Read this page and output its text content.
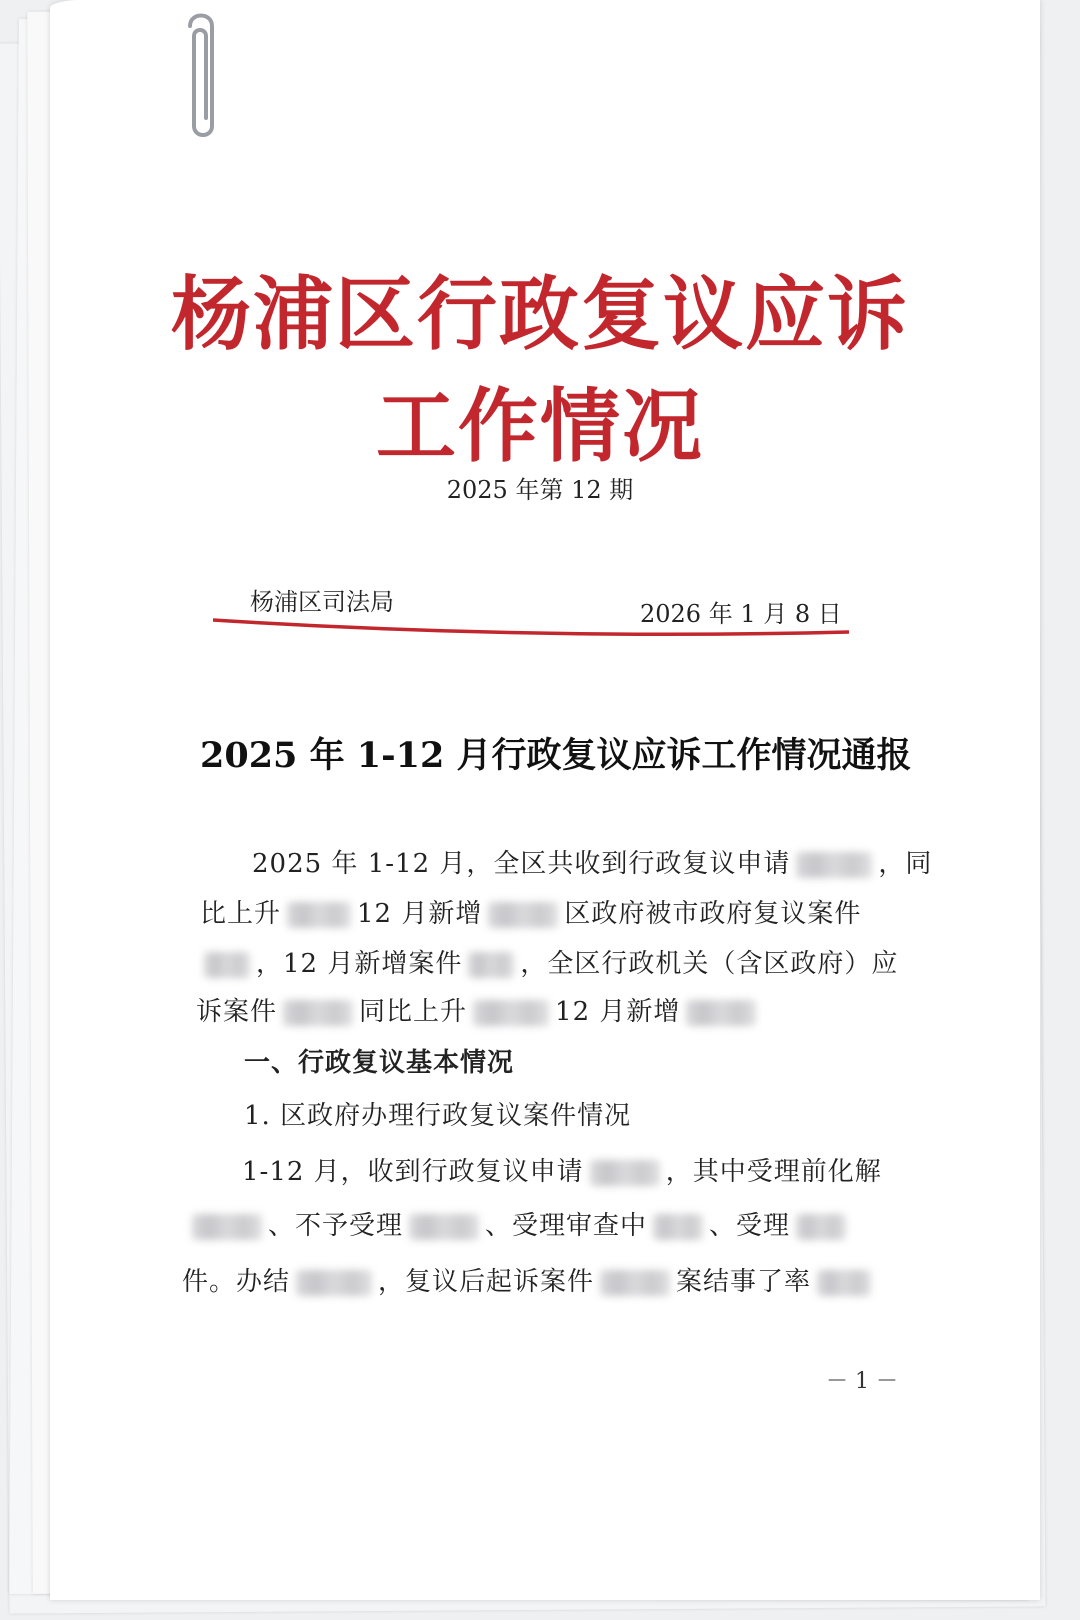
杨浦区行政复议应诉
工作情况
2025 年第 12 期
杨浦区司法局	2026 年 1 月 8 日
2025 年 1-12 月行政复议应诉工作情况通报
2025 年 1-12 月，全区共收到行政复议申请	，同
比上升	12 月新增	区政府被市政府复议案件
，12 月新增案件 ，全区行政机关（含区政府）应
诉案件	同比上升	12 月新增
一、行政复议基本情况
1. 区政府办理行政复议案件情况
1-12 月，收到行政复议申请	，其中受理前化解
、不予受理	、受理审查中 、受理
件。办结	，复议后起诉案件	案结事了率
－ 1 －
